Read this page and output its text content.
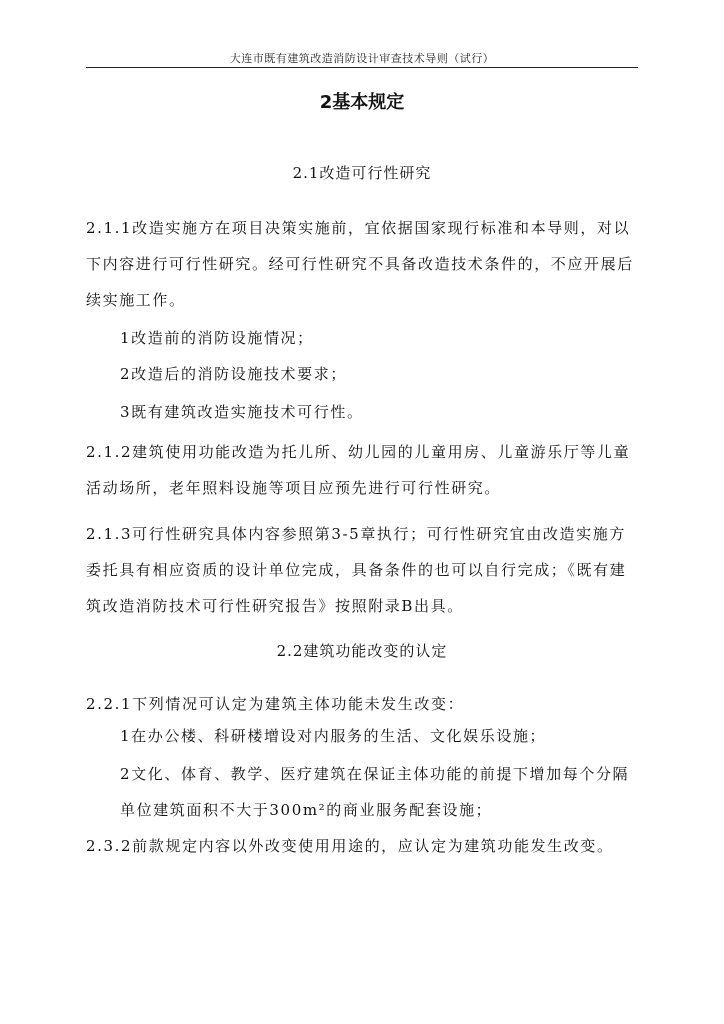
大连市既有建筑改造消防设计审查技术导则（试行）
2基本规定
2.1改造可行性研究

2.1.1改造实施方在项目决策实施前，宜依据国家现行标准和本导则，对以下内容进行可行性研究。经可行性研究不具备改造技术条件的，不应开展后续实施工作。

1改造前的消防设施情况；

2改造后的消防设施技术要求；

3既有建筑改造实施技术可行性。

2.1.2建筑使用功能改造为托儿所、幼儿园的儿童用房、儿童游乐厅等儿童活动场所，老年照料设施等项目应预先进行可行性研究。

2.1.3可行性研究具体内容参照第3-5章执行；可行性研究宜由改造实施方委托具有相应资质的设计单位完成，具备条件的也可以自行完成；《既有建筑改造消防技术可行性研究报告》按照附录B出具。

2.2建筑功能改变的认定

2.2.1下列情况可认定为建筑主体功能未发生改变：

1在办公楼、科研楼增设对内服务的生活、文化娱乐设施；

2文化、体育、教学、医疗建筑在保证主体功能的前提下增加每个分隔单位建筑面积不大于300m²的商业服务配套设施；

2.3.2前款规定内容以外改变使用用途的，应认定为建筑功能发生改变。
